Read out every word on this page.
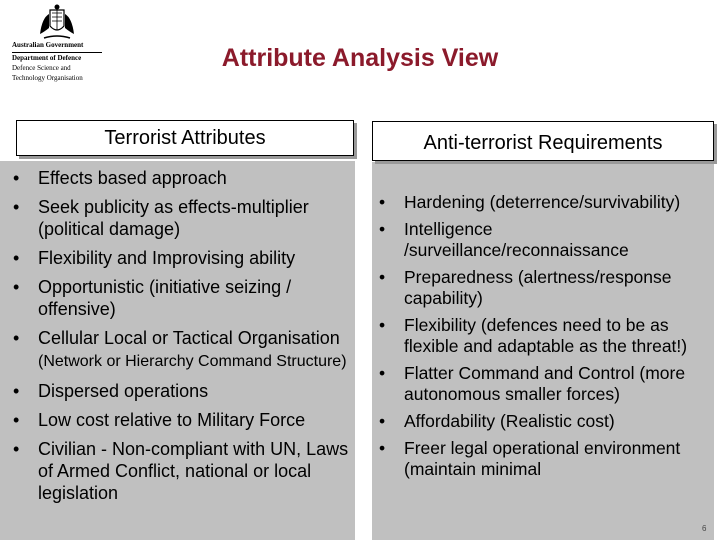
Australian Government
Department of Defence
Defence Science and
Technology Organisation
Attribute Analysis View
Terrorist Attributes	Anti-terrorist Requirements
• Effects based approach
• Seek publicity as effects-multiplier (political damage)
• Flexibility and Improvising ability
• Opportunistic (initiative seizing / offensive)
• Cellular Local or Tactical Organisation (Network or Hierarchy Command Structure)
• Dispersed operations
• Low cost relative to Military Force
• Civilian - Non-compliant with UN, Laws of Armed Conflict, national or local legislation
• Hardening (deterrence/survivability)
• Intelligence /surveillance/reconnaissance
• Preparedness (alertness/response capability)
• Flexibility (defences need to be as flexible and adaptable as the threat!)
• Flatter Command and Control (more autonomous smaller forces)
• Affordability (Realistic cost)
• Freer legal operational environment (maintain minimal
6
